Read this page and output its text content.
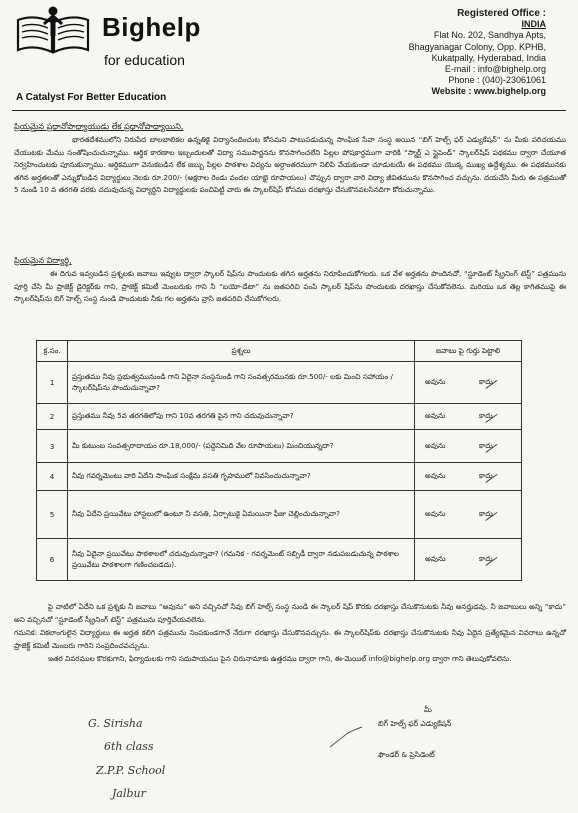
Bighelp
for education
A Catalyst For Better Education
Registered Office :
INDIA
Flat No. 202, Sandhya Apts,
Bhagyanagar Colony, Opp. KPHB,
Kukatpally, Hyderabad, India
E-mail : info@bighelp.org
Phone : (040)-23061061
Website : www.bighelp.org
ప్రియమైన ప్రధానోపాధ్యాయుడు లేక ప్రధానోపాధ్యాయిని,
భారతదేశములోని నిరుపేద బాలబాలికల ఉన్నతికై విద్యానందించుట కోసమని పాటుపడుచున్న సాంఘిక సేవా సంస్థ అయిన “బిగ్ హెల్ప్ ఫర్ ఎడ్యుకేషన్” ను మీకు పరిచయము చేయుటకు మేము సంతోషించుచున్నాము. ఆర్థిక కారణాల ఇబ్బందులతో విద్యా సముపార్జనను కొనసాగించలేని పిల్లల పోషకార్థముగా వారికి “స్మార్ట్ ఎ స్టైపెండ్” స్కాలర్‌షిప్ పథకము ద్వారా చేయూత నిర్వహించుటకు పూనుకున్నాము. ఆర్థికముగా వెనుకబడిన లేక జబ్బు పిల్లల పాఠశాల విద్యను అర్ధాంతరముగా నిలిపి వేయకుండా చూడుటయే ఈ పథకము యొక్క ముఖ్య ఉద్దేశ్యము. ఈ పథకమునకు తగిన అర్హతలతో ఎన్నుకోబడిన విద్యార్థులు నెలకు రూ.200/- (అక్షరాల రెండు వందల యాభై రూపాయలు) చొప్పున ద్వారా వారి విద్యా జీవితమును కొనసాగించ వచ్చును. దయచేసి మీరు ఈ పత్రముతో 5 నుండి 10 వ తరగతి వరకు చదువుచున్న విద్యార్థిని విద్యార్థులకు పంచిపెట్టి వారు ఈ స్కాలర్‌షిప్ కోసము దరఖాస్తు చేసుకొనవలసినదిగా కోరుచున్నాము.
ప్రియమైన విద్యార్థి,
ఈ దిగువ ఇవ్వబడిన ప్రశ్నలకు జవాబు ఇవ్వుట ద్వారా స్కాలర్ షిప్‌ను పొందుటకు తగిన అర్హతను నిరూపించుకోగలరు. ఒక వేళ అర్హతను పొందినచో, “స్టూడెంట్ స్క్రీనింగ్ టెస్ట్” పత్రమును పూర్తి చేసి మీ ప్రాజెక్ట్ డైరెక్టర్‌కు గాని, ప్రాజెక్ట్ కమిటీ మెంబరుకు గాని నీ “బయో-డేటా” ను జతపరిచి పంపి స్కాలర్ షిప్‌ను పొందుటకు దరఖాస్తు చేసుకోవలెను. మరియు ఒక తెల్ల కాగితముపై ఈ స్కాలర్‌షిప్‌ను బిగ్ హెల్ప్ సంస్థ నుండి పొందుటకు నీకు గల అర్హతను వ్రాసి జతపరిచి చేసుకోగలరు.
క్ర.సం.	ప్రశ్నలు	జవాబు పై గుర్తు పెట్టాలి
1	ప్రస్తుతము నీవు ప్రభుత్వమునుండి గాని ఏదైనా సంస్థనుండి గాని సంవత్సరమునకు రూ.500/- లకు మించి సహాయం / స్కాలర్‌షిప్‌ను పొందుచున్నావా?	అవును కాదు

2	ప్రస్తుతము నీవు 5వ తరగతిలోపు గాని 10వ తరగతి పైన గాని చదువుచున్నావా?	అవును కాదు

3	మీ కుటుంబ సంవత్సరాదాయం రూ.18,000/- (పద్దెనిమిది వేల రూపాయలు) మించియున్నదా?	అవును కాదు

4	నీవు గవర్నమెంటు వారి ఏదేని సాంఘిక సంక్షేమ వసతి గృహములో నివసించుచున్నావా?	అవును కాదు

5	నీవు ఏదేని ప్రయివేటు హాస్టలులో ఉంటూ నీ వసతి, ఏర్పాటుకై ఏమయినా ఫీజు చెల్లించుచున్నావా?	అవును కాదు

6	నీవు ఏదైనా ప్రయివేటు పాఠశాలలో చదువుచున్నావా? (గమనిక - గవర్నమెంట్ సబ్సిడీ ద్వారా నడుపబడుచున్న పాఠశాల ప్రయివేటు పాఠశాలగా గణించబడదు).	అవును కాదు
పై వాటిలో ఏదేని ఒక ప్రశ్నకు నీ జవాబు “అవును” అని వచ్చినచో నీవు బిగ్ హెల్ప్ సంస్థ నుండి ఈ స్కాలర్ షిప్ కొరకు దరఖాస్తు చేసుకొనుటకు నీవు అనర్హుడవు. నీ జవాబులు అన్ని “కాదు” అని వచ్చినచో “స్టూడెంట్ స్క్రీనింగ్ టెస్ట్” పత్రమును పూర్తిచేయవలెను.
గమనిక: వికలాంగులైన విద్యార్థులు ఈ అర్హత కలిగి పత్రమును నింపకుండగానే నేరుగా దరఖాస్తు చేసుకొనవచ్చును. ఈ స్కాలర్‌షిప్‌కు దరఖాస్తు చేసుకొనుటకు నీవు ఏదైన ప్రత్యేకమైన వివరాలు ఉన్నచో ప్రాజెక్ట్ కమిటీ మెంబరు గారిని సంప్రదించవచ్చును.
ఇతర వివరముల కొరకుగాని, ఫిర్యాదులకు గాని సదుపాయము పైన చిరునామాకు ఉత్తరము ద్వారా గాని, ఈ-మెయిల్ info@bighelp.org ద్వారా గాని తెలుపుకోవలెను.
G. Sirisha
6th class
Z.P.P. School
Jalbur
మీ
బిగ్ హెల్ప్ ఫర్ ఎడ్యుకేషన్
ఫౌండర్ & ప్రెసిడెంట్
